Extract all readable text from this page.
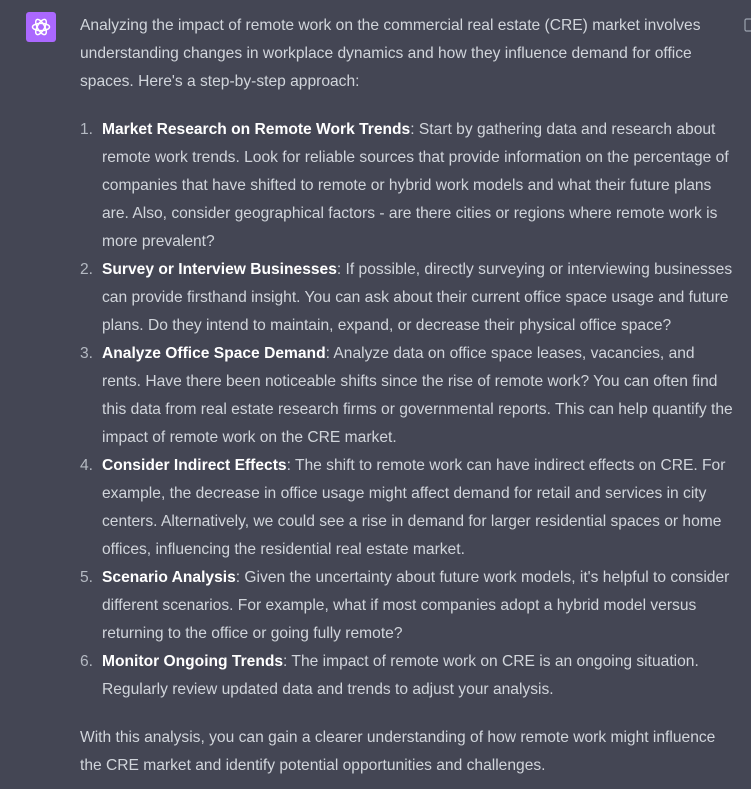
Analyzing the impact of remote work on the commercial real estate (CRE) market involves understanding changes in workplace dynamics and how they influence demand for office spaces. Here's a step-by-step approach:

1. Market Research on Remote Work Trends: Start by gathering data and research about remote work trends. Look for reliable sources that provide information on the percentage of companies that have shifted to remote or hybrid work models and what their future plans are. Also, consider geographical factors - are there cities or regions where remote work is more prevalent?
2. Survey or Interview Businesses: If possible, directly surveying or interviewing businesses can provide firsthand insight. You can ask about their current office space usage and future plans. Do they intend to maintain, expand, or decrease their physical office space?
3. Analyze Office Space Demand: Analyze data on office space leases, vacancies, and rents. Have there been noticeable shifts since the rise of remote work? You can often find this data from real estate research firms or governmental reports. This can help quantify the impact of remote work on the CRE market.
4. Consider Indirect Effects: The shift to remote work can have indirect effects on CRE. For example, the decrease in office usage might affect demand for retail and services in city centers. Alternatively, we could see a rise in demand for larger residential spaces or home offices, influencing the residential real estate market.
5. Scenario Analysis: Given the uncertainty about future work models, it's helpful to consider different scenarios. For example, what if most companies adopt a hybrid model versus returning to the office or going fully remote?
6. Monitor Ongoing Trends: The impact of remote work on CRE is an ongoing situation. Regularly review updated data and trends to adjust your analysis.

With this analysis, you can gain a clearer understanding of how remote work might influence the CRE market and identify potential opportunities and challenges.
